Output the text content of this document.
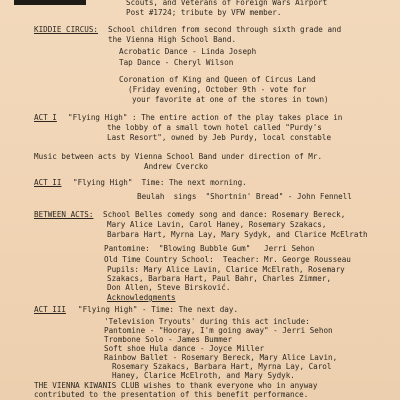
Scouts, and Veterans of Foreign Wars Airport
Post #1724; tribute by VFW member.
KIDDIE CIRCUS: School children from second through sixth grade and
the Vienna High School Band.
Acrobatic Dance - Linda Joseph
Tap Dance - Cheryl Wilson
Coronation of King and Queen of Circus Land
(Friday evening, October 9th - vote for
your favorite at one of the stores in town)
ACT I "Flying High" : The entire action of the play takes place in
the lobby of a small town hotel called "Purdy's
Last Resort", owned by Jeb Purdy, local constable
Music between acts by Vienna School Band under direction of Mr.
Andrew Cvercko
ACT II "Flying High"  Time: The next morning.
Beulah  sings  "Shortnin' Bread" - John Fennell
BETWEEN ACTS: School Belles comedy song and dance: Rosemary Bereck,
Mary Alice Lavin, Carol Haney, Rosemary Szakacs,
Barbara Hart, Myrna Lay, Mary Sydyk, and Clarice McElrath
Pantomine:  "Blowing Bubble Gum"   Jerri Sehon
Old Time Country School:  Teacher: Mr. George Rousseau
Pupils: Mary Alice Lavin, Clarice McElrath, Rosemary
Szakacs, Barbara Hart, Paul Bahr, Charles Zimmer,
Don Allen, Steve Birsković.
Acknowledgments
ACT III "Flying High" - Time: The next day.
'Television Tryouts' during this act include:
Pantomine - "Hooray, I'm going away" - Jerri Sehon
Trombone Solo - James Bummer
Soft shoe Hula dance - Joyce Miller
Rainbow Ballet - Rosemary Bereck, Mary Alice Lavin,
Rosemary Szakacs, Barbara Hart, Myrna Lay, Carol
Haney, Clarice McElroth, and Mary Sydyk.
THE VIENNA KIWANIS CLUB wishes to thank everyone who in anyway
contributed to the presentation of this benefit performance.
